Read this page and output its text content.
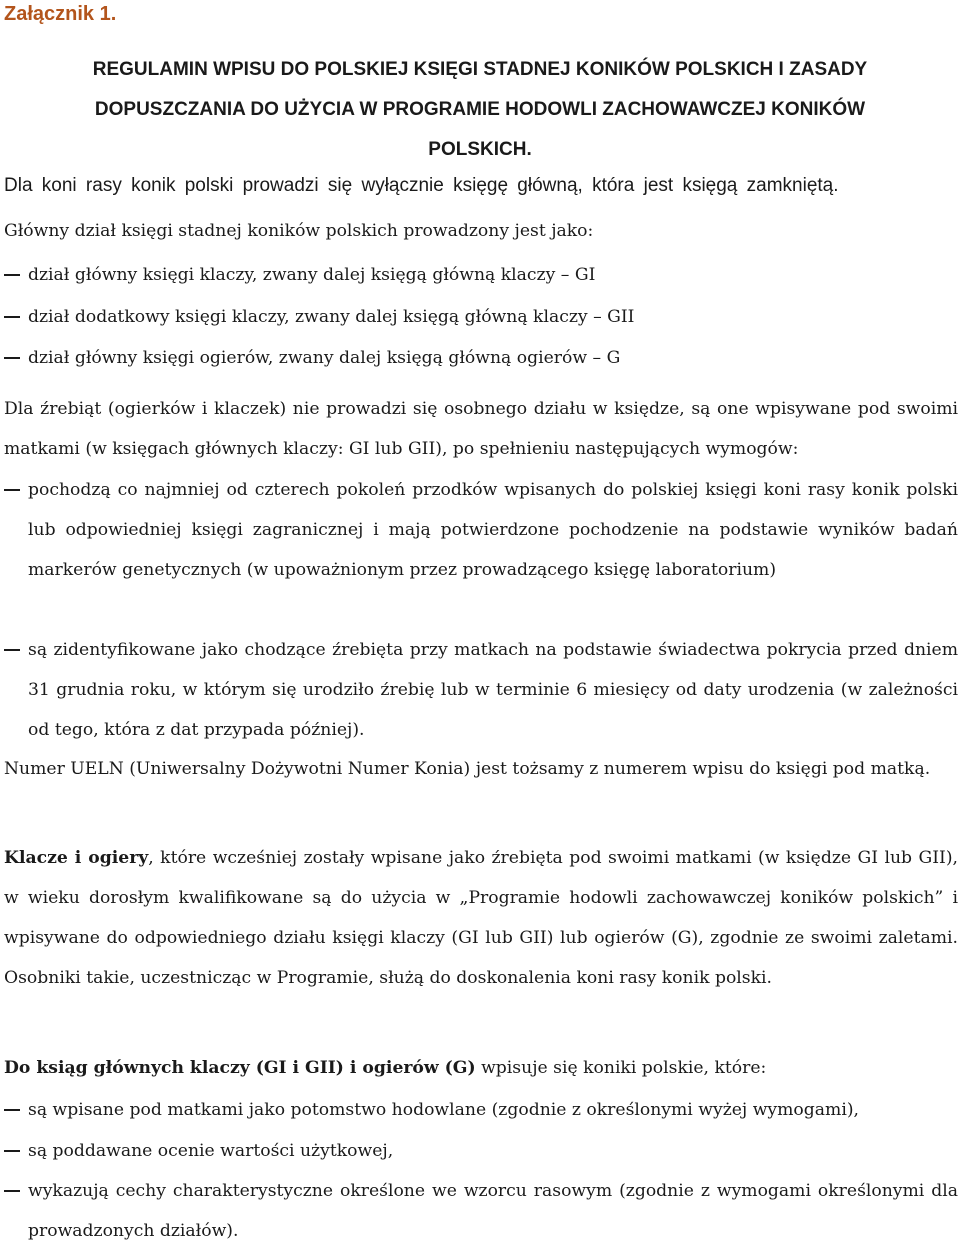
Załącznik 1.
REGULAMIN WPISU DO POLSKIEJ KSIĘGI STADNEJ KONIKÓW POLSKICH I ZASADY DOPUSZCZANIA DO UŻYCIA W PROGRAMIE HODOWLI ZACHOWAWCZEJ KONIKÓW POLSKICH.

Dla koni rasy konik polski prowadzi się wyłącznie księgę główną, która jest księgą zamkniętą.

Główny dział księgi stadnej koników polskich prowadzony jest jako:

dział główny księgi klaczy, zwany dalej księgą główną klaczy – GI
dział dodatkowy księgi klaczy, zwany dalej księgą główną klaczy – GII
dział główny księgi ogierów, zwany dalej księgą główną ogierów – G

Dla źrebiąt (ogierków i klaczek) nie prowadzi się osobnego działu w księdze, są one wpisywane pod swoimi matkami (w księgach głównych klaczy: GI lub GII), po spełnieniu następujących wymogów:

pochodzą co najmniej od czterech pokoleń przodków wpisanych do polskiej księgi koni rasy konik polski lub odpowiedniej księgi zagranicznej i mają potwierdzone pochodzenie na podstawie wyników badań markerów genetycznych (w upoważnionym przez prowadzącego księgę laboratorium)
są zidentyfikowane jako chodzące źrebięta przy matkach na podstawie świadectwa pokrycia przed dniem 31 grudnia roku, w którym się urodziło źrebię lub w terminie 6 miesięcy od daty urodzenia (w zależności od tego, która z dat przypada później).

Numer UELN (Uniwersalny Dożywotni Numer Konia) jest tożsamy z numerem wpisu do księgi pod matką.

Klacze i ogiery, które wcześniej zostały wpisane jako źrebięta pod swoimi matkami (w księdze GI lub GII), w wieku dorosłym kwalifikowane są do użycia w „Programie hodowli zachowawczej koników polskich” i wpisywane do odpowiedniego działu księgi klaczy (GI lub GII) lub ogierów (G), zgodnie ze swoimi zaletami. Osobniki takie, uczestnicząc w Programie, służą do doskonalenia koni rasy konik polski.

Do ksiąg głównych klaczy (GI i GII) i ogierów (G) wpisuje się koniki polskie, które:

są wpisane pod matkami jako potomstwo hodowlane (zgodnie z określonymi wyżej wymogami),
są poddawane ocenie wartości użytkowej,
wykazują cechy charakterystyczne określone we wzorcu rasowym (zgodnie z wymogami określonymi dla prowadzonych działów).
